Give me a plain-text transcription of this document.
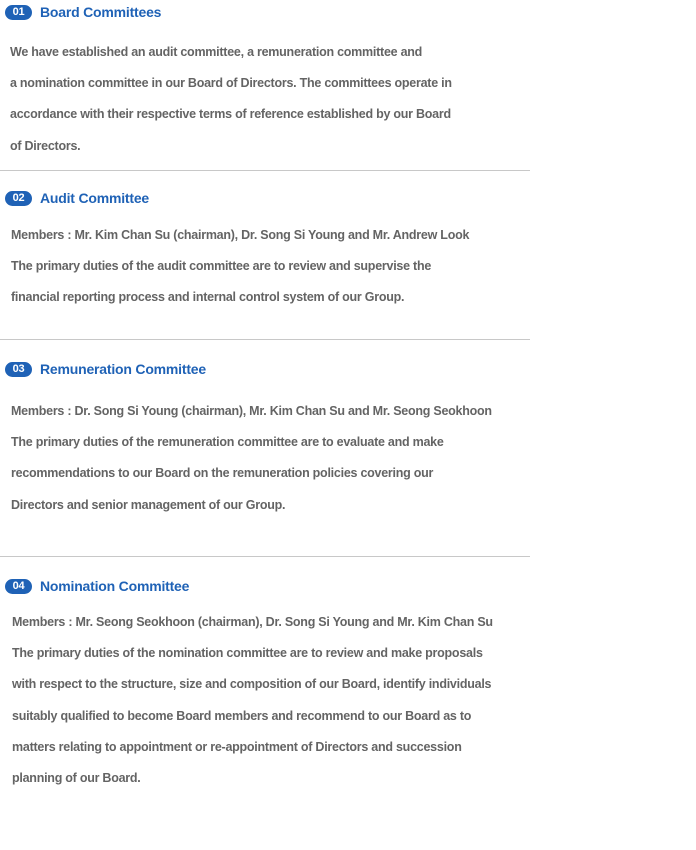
01	Board Committees
We have established an audit committee, a remuneration committee and
a nomination committee in our Board of Directors. The committees operate in
accordance with their respective terms of reference established by our Board
of Directors.
02	Audit Committee
Members : Mr. Kim Chan Su (chairman), Dr. Song Si Young and Mr. Andrew Look
The primary duties of the audit committee are to review and supervise the
financial reporting process and internal control system of our Group.
03	Remuneration Committee
Members : Dr. Song Si Young (chairman), Mr. Kim Chan Su and Mr. Seong Seokhoon
The primary duties of the remuneration committee are to evaluate and make
recommendations to our Board on the remuneration policies covering our
Directors and senior management of our Group.
04	Nomination Committee
Members : Mr. Seong Seokhoon (chairman), Dr. Song Si Young and Mr. Kim Chan Su
The primary duties of the nomination committee are to review and make proposals
with respect to the structure, size and composition of our Board, identify individuals
suitably qualified to become Board members and recommend to our Board as to
matters relating to appointment or re-appointment of Directors and succession
planning of our Board.
